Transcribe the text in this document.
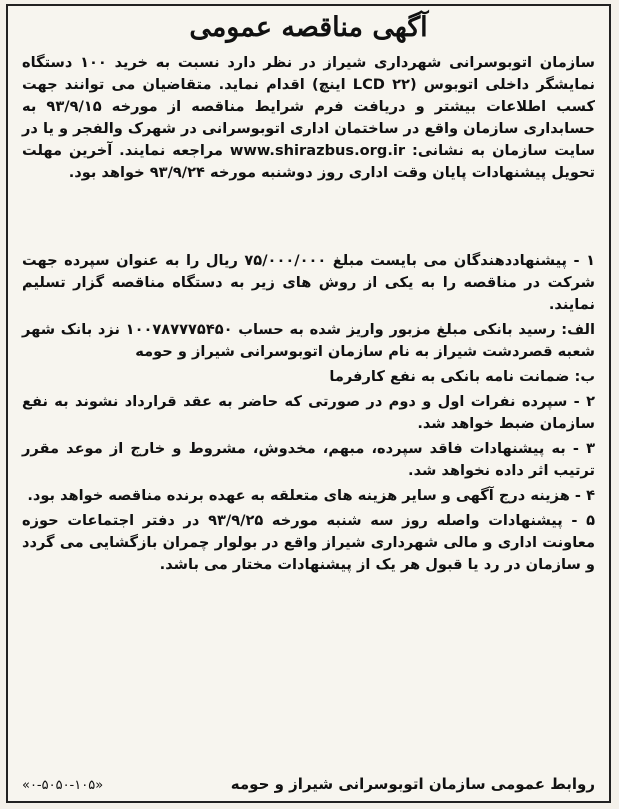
آگهی مناقصه عمومی
سازمان اتوبوسرانی شهرداری شیراز در نظر دارد نسبت به خرید ۱۰۰ دستگاه نمایشگر داخلی اتوبوس (LCD ۲۲ اینچ) اقدام نماید. متقاضیان می توانند جهت کسب اطلاعات بیشتر و دریافت فرم شرایط مناقصه از مورخه ۹۳/۹/۱۵ به حسابداری سازمان واقع در ساختمان اداری اتوبوسرانی در شهرک والفجر و یا در سایت سازمان به نشانی: www.shirazbus.org.ir مراجعه نمایند. آخرین مهلت تحویل پیشنهادات پایان وقت اداری روز دوشنبه مورخه ۹۳/۹/۲۴ خواهد بود.

۱ - پیشنهاددهندگان می بایست مبلغ ۷۵/۰۰۰/۰۰۰ ریال را به عنوان سپرده جهت شرکت در مناقصه را به یکی از روش های زیر به دستگاه مناقصه گزار تسلیم نمایند.

الف: رسید بانکی مبلغ مزبور واریز شده به حساب ۱۰۰۷۸۷۷۷۵۴۵۰ نزد بانک شهر شعبه قصردشت شیراز به نام سازمان اتوبوسرانی شیراز و حومه

ب: ضمانت نامه بانکی به نفع کارفرما

۲ - سپرده نفرات اول و دوم در صورتی که حاضر به عقد قرارداد نشوند به نفع سازمان ضبط خواهد شد.

۳ - به پیشنهادات فاقد سپرده، مبهم، مخدوش، مشروط و خارج از موعد مقرر ترتیب اثر داده نخواهد شد.

۴ - هزینه درج آگهی و سایر هزینه های متعلقه به عهده برنده مناقصه خواهد بود.

۵ - پیشنهادات واصله روز سه شنبه مورخه ۹۳/۹/۲۵ در دفتر اجتماعات حوزه معاونت اداری و مالی شهرداری شیراز واقع در بولوار چمران بازگشایی می گردد و سازمان در رد یا قبول هر یک از پیشنهادات مختار می باشد.

روابط عمومی سازمان اتوبوسرانی شیراز و حومه
«۰-۵۰۵۰-۱۰۵»
